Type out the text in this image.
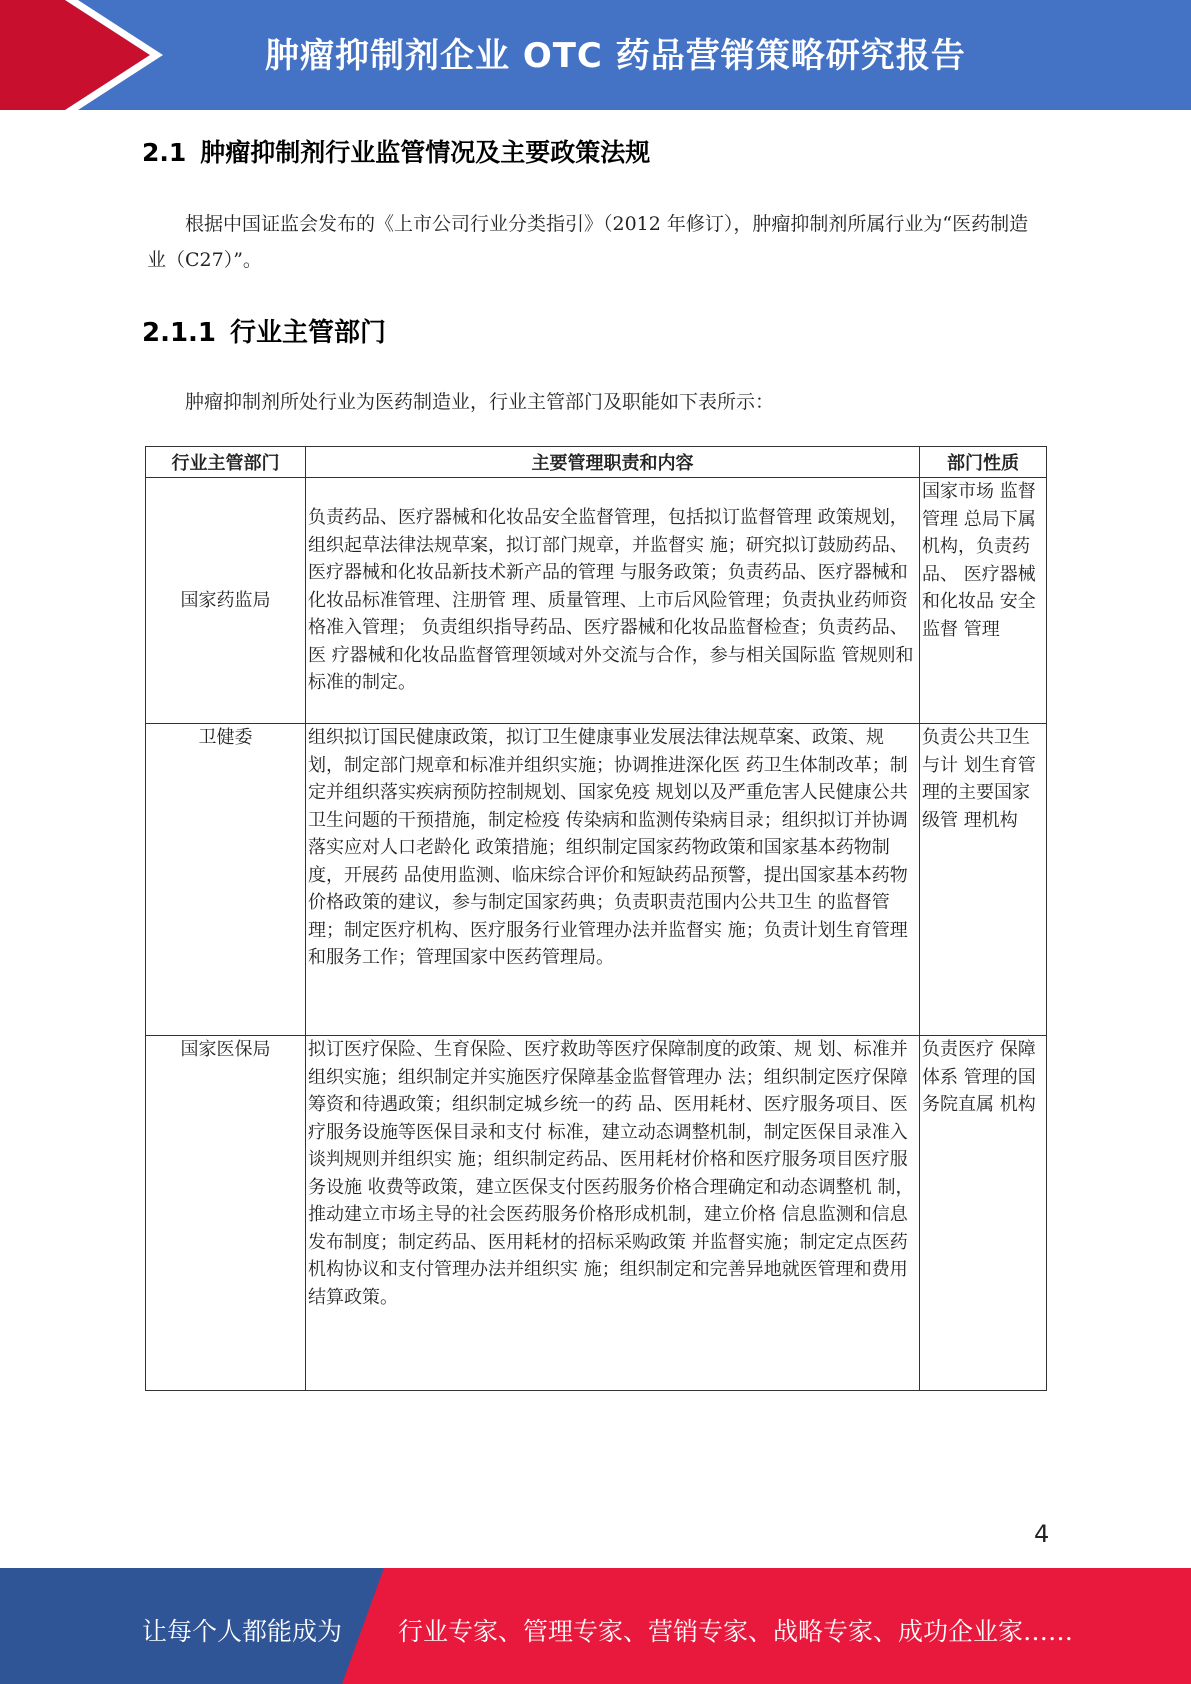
肿瘤抑制剂企业 OTC 药品营销策略研究报告
2.1 肿瘤抑制剂行业监管情况及主要政策法规
根据中国证监会发布的《上市公司行业分类指引》（2012 年修订），肿瘤抑制剂所属行业为“医药制造业（C27）”。
2.1.1 行业主管部门
肿瘤抑制剂所处行业为医药制造业，行业主管部门及职能如下表所示：
行业主管部门	主要管理职责和内容	部门性质
国家药监局	负责药品、医疗器械和化妆品安全监督管理，包括拟订监督管理 政策规划，组织起草法律法规草案，拟订部门规章，并监督实 施；研究拟订鼓励药品、医疗器械和化妆品新技术新产品的管理 与服务政策；负责药品、医疗器械和化妆品标准管理、注册管 理、质量管理、上市后风险管理；负责执业药师资格准入管理； 负责组织指导药品、医疗器械和化妆品监督检查；负责药品、医 疗器械和化妆品监督管理领域对外交流与合作，参与相关国际监 管规则和标准的制定。	国家市场 监督管理 总局下属 机构，负责药品、 医疗器械 和化妆品 安全监督 管理
卫健委	组织拟订国民健康政策，拟订卫生健康事业发展法律法规草案、政策、规划，制定部门规章和标准并组织实施；协调推进深化医 药卫生体制改革；制定并组织落实疾病预防控制规划、国家免疫 规划以及严重危害人民健康公共卫生问题的干预措施，制定检疫 传染病和监测传染病目录；组织拟订并协调落实应对人口老龄化 政策措施；组织制定国家药物政策和国家基本药物制度，开展药 品使用监测、临床综合评价和短缺药品预警，提出国家基本药物 价格政策的建议，参与制定国家药典；负责职责范围内公共卫生 的监督管理；制定医疗机构、医疗服务行业管理办法并监督实 施；负责计划生育管理和服务工作；管理国家中医药管理局。	负责公共卫生与计 划生育管 理的主要国家级管 理机构
国家医保局	拟订医疗保险、生育保险、医疗救助等医疗保障制度的政策、规 划、标准并组织实施；组织制定并实施医疗保障基金监督管理办 法；组织制定医疗保障筹资和待遇政策；组织制定城乡统一的药 品、医用耗材、医疗服务项目、医疗服务设施等医保目录和支付 标准，建立动态调整机制，制定医保目录准入谈判规则并组织实 施；组织制定药品、医用耗材价格和医疗服务项目医疗服务设施 收费等政策，建立医保支付医药服务价格合理确定和动态调整机 制，推动建立市场主导的社会医药服务价格形成机制，建立价格 信息监测和信息发布制度；制定药品、医用耗材的招标采购政策 并监督实施；制定定点医药机构协议和支付管理办法并组织实 施；组织制定和完善异地就医管理和费用结算政策。	负责医疗 保障体系 管理的国 务院直属 机构
4
让每个人都能成为 行业专家、管理专家、营销专家、战略专家、成功企业家……
